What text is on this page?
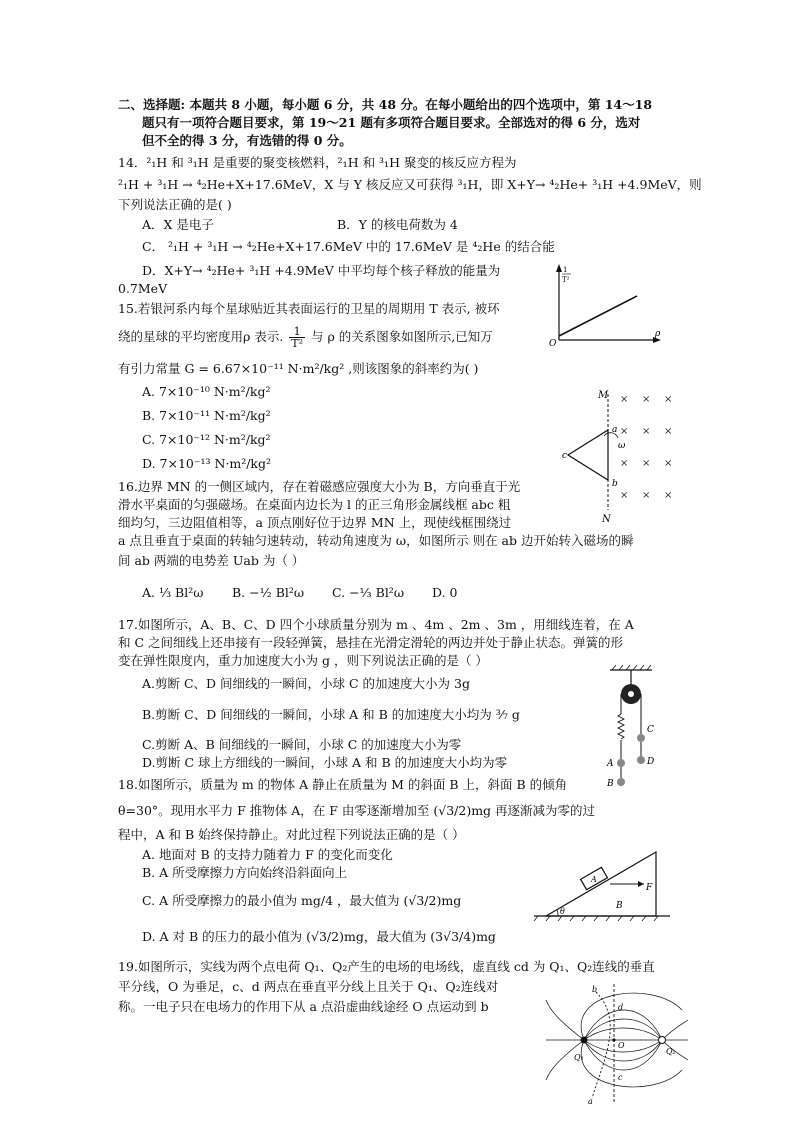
二、选择题: 本题共 8 小题，每小题 6 分，共 48 分。在每小题给出的四个选项中，第 14～18
题只有一项符合题目要求，第 19～21 题有多项符合题目要求。全部选对的得 6 分，选对
但不全的得 3 分，有选错的得 0 分。
14．²₁H 和 ³₁H 是重要的聚变核燃料，²₁H 和 ³₁H 聚变的核反应方程为
²₁H + ³₁H → ⁴₂He+X+17.6MeV，X 与 Y 核反应又可获得 ³₁H，即 X+Y→ ⁴₂He+ ³₁H +4.9MeV，则
下列说法正确的是( )
A．X 是电子	B．Y 的核电荷数为 4
C． ²₁H + ³₁H → ⁴₂He+X+17.6MeV 中的 17.6MeV 是 ⁴₂He 的结合能
D．X+Y→ ⁴₂He+ ³₁H +4.9MeV 中平均每个核子释放的能量为
0.7MeV
15.若银河系内每个星球贴近其表面运行的卫星的周期用 T 表示, 被环
绕的星球的平均密度用ρ 表示. $\frac{1}{\text{T²}}$ 与 ρ 的关系图象如图所示,已知万
有引力常量 G = 6.67×10⁻¹¹ N·m²/kg² ,则该图象的斜率约为( )
A. 7×10⁻¹⁰ N·m²/kg²
B. 7×10⁻¹¹ N·m²/kg²
C. 7×10⁻¹² N·m²/kg²
D. 7×10⁻¹³ N·m²/kg²
1
T²
O
ρ
16.边界 MN 的一侧区域内，存在着磁感应强度大小为 B，方向垂直于光
滑水平桌面的匀强磁场。在桌面内边长为 l 的正三角形金属线框 abc 粗
细均匀，三边阻值相等，a 顶点刚好位于边界 MN 上，现使线框围绕过
a 点且垂直于桌面的转轴匀速转动，转动角速度为 ω，如图所示 则在 ab 边开始转入磁场的瞬
间 ab 两端的电势差 Uab 为（ ）
A. ¹⁄₃ Bl²ω B. −½ Bl²ω C. −⅓ Bl²ω D. 0
M
N
× × ×
× × ×
× × ×
× × ×
a
b
c
ω
17.如图所示，A、B、C、D 四个小球质量分别为 m 、4m 、2m 、3m ，用细线连着，在 A
和 C 之间细线上还串接有一段轻弹簧，悬挂在光滑定滑轮的两边并处于静止状态。弹簧的形
变在弹性限度内，重力加速度大小为 g ，则下列说法正确的是（ ）
A.剪断 C、D 间细线的一瞬间，小球 C 的加速度大小为 3g
B.剪断 C、D 间细线的一瞬间，小球 A 和 B 的加速度大小均为 ³⁄₇ g
C.剪断 A、B 间细线的一瞬间，小球 C 的加速度大小为零
D.剪断 C 球上方细线的一瞬间，小球 A 和 B 的加速度大小均为零	A
B
C
D
18.如图所示，质量为 m 的物体 A 静止在质量为 M 的斜面 B 上，斜面 B 的倾角
θ=30°。现用水平力 F 推物体 A，在 F 由零逐渐增加至 (√3/2)mg 再逐渐减为零的过
程中，A 和 B 始终保持静止。对此过程下列说法正确的是（ ）
A. 地面对 B 的支持力随着力 F 的变化而变化
B. A 所受摩擦力方向始终沿斜面向上
C. A 所受摩擦力的最小值为 mg/4 ，最大值为 (√3/2)mg
D. A 对 B 的压力的最小值为 (√3/2)mg，最大值为 (3√3/4)mg
A
B
F
θ
19.如图所示，实线为两个点电荷 Q₁、Q₂产生的电场的电场线，虚直线 cd 为 Q₁、Q₂连线的垂直
平分线，O 为垂足，c、d 两点在垂直平分线上且关于 Q₁、Q₂连线对
称。一电子只在电场力的作用下从 a 点沿虚曲线途经 O 点运动到 b
Q₁
Q₂
O
a
b
c
d
